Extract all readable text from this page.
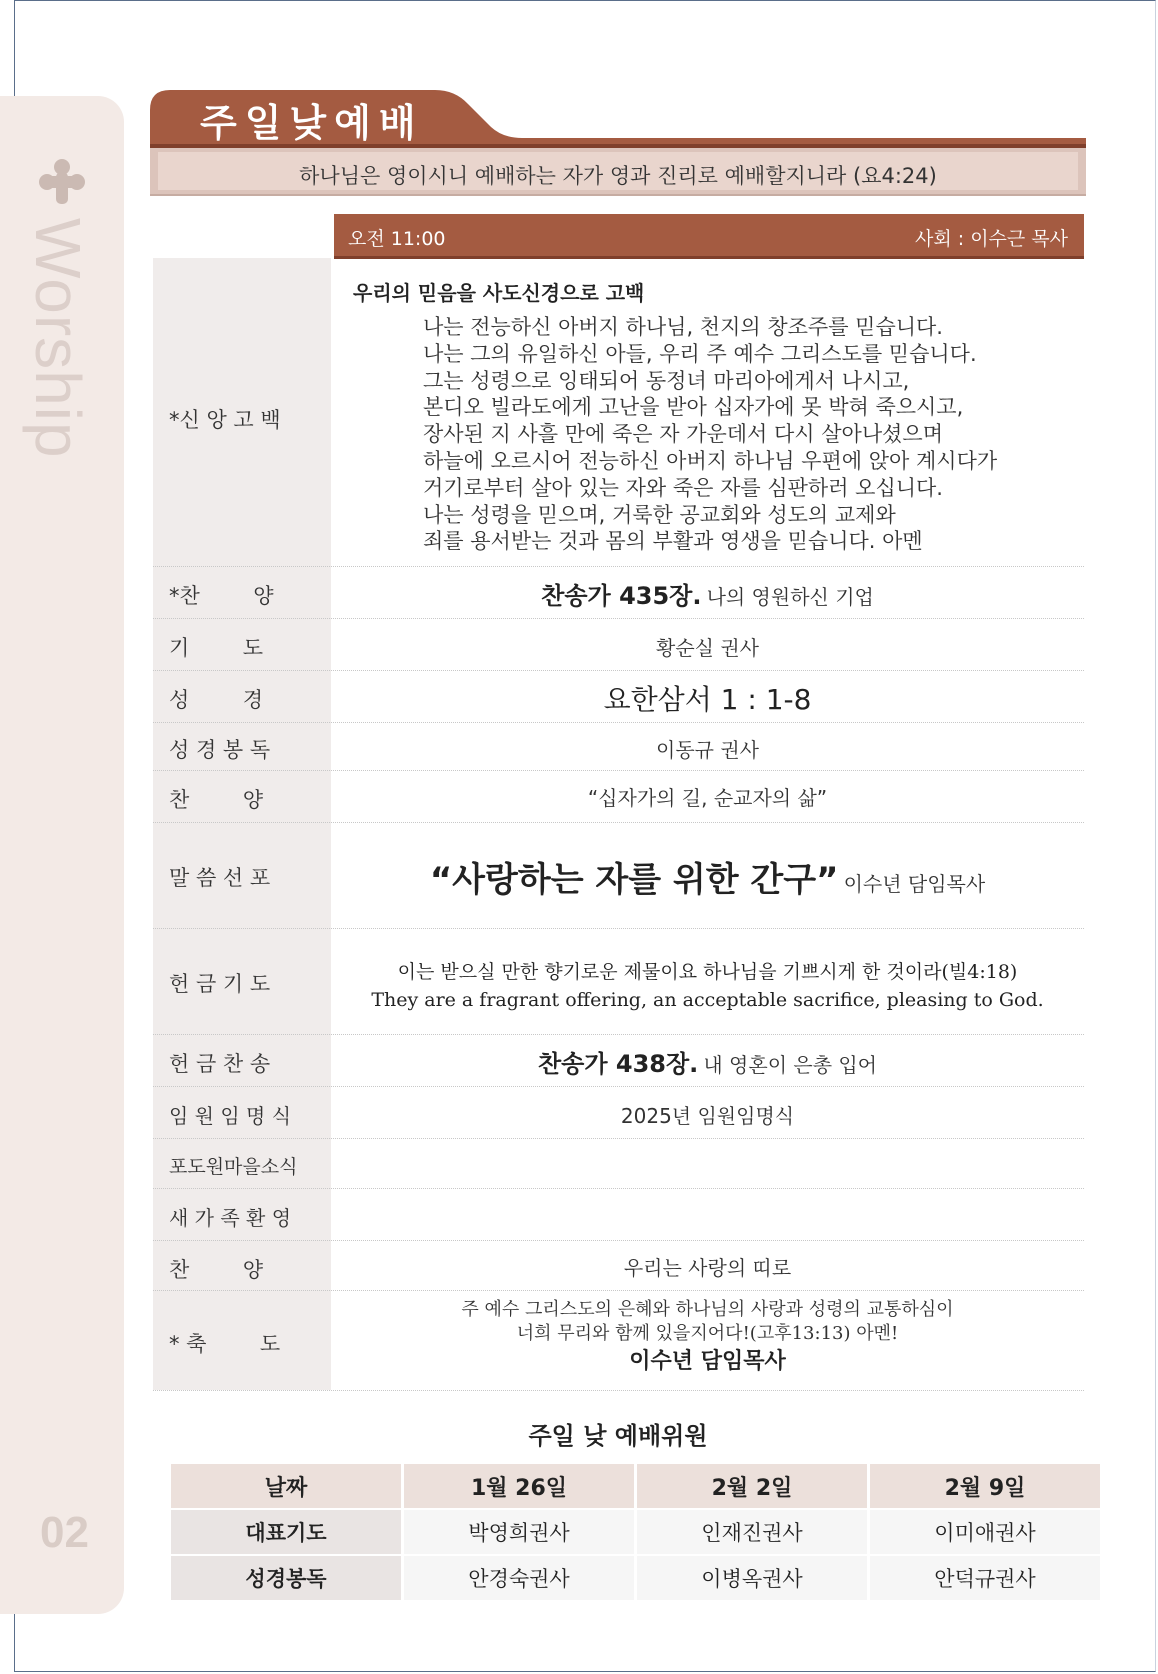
Worship
02
주일낮예배
하나님은 영이시니 예배하는 자가 영과 진리로 예배할지니라 (요4:24)
오전 11:00	사회 : 이수근 목사
*신 앙 고 백
우리의 믿음을 사도신경으로 고백
나는 전능하신 아버지 하나님, 천지의 창조주를 믿습니다.
나는 그의 유일하신 아들, 우리 주 예수 그리스도를 믿습니다.
그는 성령으로 잉태되어 동정녀 마리아에게서 나시고,
본디오 빌라도에게 고난을 받아 십자가에 못 박혀 죽으시고,
장사된 지 사흘 만에 죽은 자 가운데서 다시 살아나셨으며
하늘에 오르시어 전능하신 아버지 하나님 우편에 앉아 계시다가
거기로부터 살아 있는 자와 죽은 자를 심판하러 오십니다.
나는 성령을 믿으며, 거룩한 공교회와 성도의 교제와
죄를 용서받는 것과 몸의 부활과 영생을 믿습니다. 아멘
*찬        양	찬송가 435장. 나의 영원하신 기업
기        도	황순실 권사
성        경	요한삼서 1 : 1-8
성 경 봉 독	이동규 권사
찬        양	“십자가의 길, 순교자의 삶”
말 씀 선 포	“사랑하는 자를 위한 간구” 이수년 담임목사
헌 금 기 도	이는 받으실 만한 향기로운 제물이요 하나님을 기쁘시게 한 것이라(빌4:18)
They are a fragrant offering, an acceptable sacrifice, pleasing to God.
헌 금 찬 송	찬송가 438장. 내 영혼이 은총 입어
임 원 임 명 식	2025년 임원임명식
포도원마을소식
새 가 족 환 영
찬        양	우리는 사랑의 띠로
* 축        도
주 예수 그리스도의 은혜와 하나님의 사랑과 성령의 교통하심이
너희 무리와 함께 있을지어다!(고후13:13) 아멘!
이수년 담임목사
주일 낮 예배위원
날짜	1월 26일	2월 2일	2월 9일
대표기도	박영희권사	인재진권사	이미애권사
성경봉독	안경숙권사	이병옥권사	안덕규권사
